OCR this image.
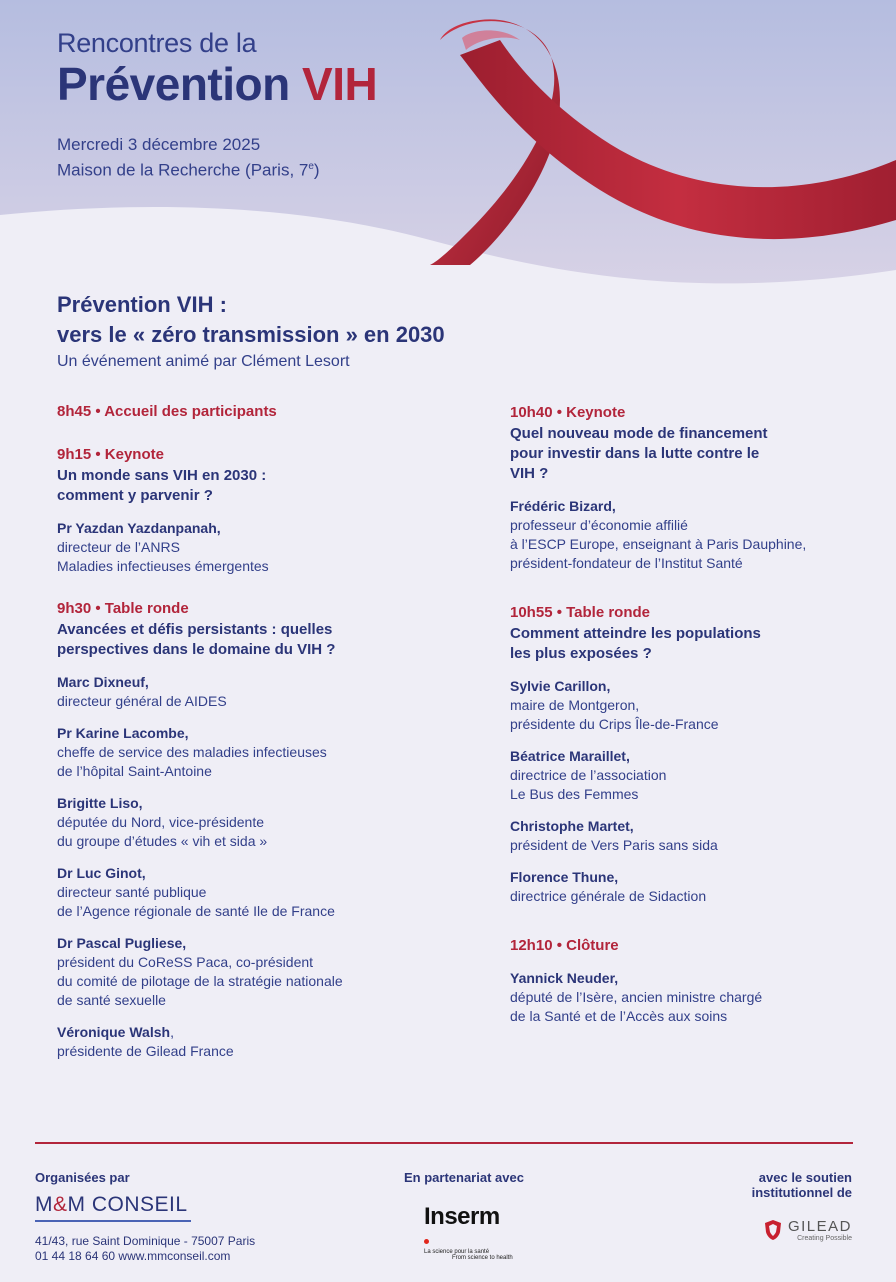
Rencontres de la
Prévention VIH
Mercredi 3 décembre 2025
Maison de la Recherche (Paris, 7e)
Prévention VIH :
vers le « zéro transmission » en 2030
Un événement animé par Clément Lesort
8h45 • Accueil des participants
9h15 • Keynote
Un monde sans VIH en 2030 :
comment y parvenir ?
Pr Yazdan Yazdanpanah,
directeur de l’ANRS
Maladies infectieuses émergentes
9h30 • Table ronde
Avancées et défis persistants : quelles
perspectives dans le domaine du VIH ?
Marc Dixneuf,
directeur général de AIDES
Pr Karine Lacombe,
cheffe de service des maladies infectieuses
de l’hôpital Saint-Antoine
Brigitte Liso,
députée du Nord, vice-présidente
du groupe d’études « vih et sida »
Dr Luc Ginot,
directeur santé publique
de l’Agence régionale de santé Ile de France
Dr Pascal Pugliese,
président du CoReSS Paca, co-président
du comité de pilotage de la stratégie nationale
de santé sexuelle
Véronique Walsh,
présidente de Gilead France
10h40 • Keynote
Quel nouveau mode de financement
pour investir dans la lutte contre le
VIH ?
Frédéric Bizard,
professeur d’économie affilié
à l’ESCP Europe, enseignant à Paris Dauphine,
président-fondateur de l’Institut Santé
10h55 • Table ronde
Comment atteindre les populations
les plus exposées ?
Sylvie Carillon,
maire de Montgeron,
présidente du Crips Île-de-France
Béatrice Maraillet,
directrice de l’association
Le Bus des Femmes
Christophe Martet,
président de Vers Paris sans sida
Florence Thune,
directrice générale de Sidaction
12h10 • Clôture
Yannick Neuder,
député de l’Isère, ancien ministre chargé
de la Santé et de l’Accès aux soins
Organisées par
M&M CONSEIL
41/43, rue Saint Dominique - 75007 Paris
01 44 18 64 60 www.mmconseil.com
En partenariat avec
Inserm
La science pour la santé
From science to health
avec le soutien
institutionnel de
GILEAD
Creating Possible
